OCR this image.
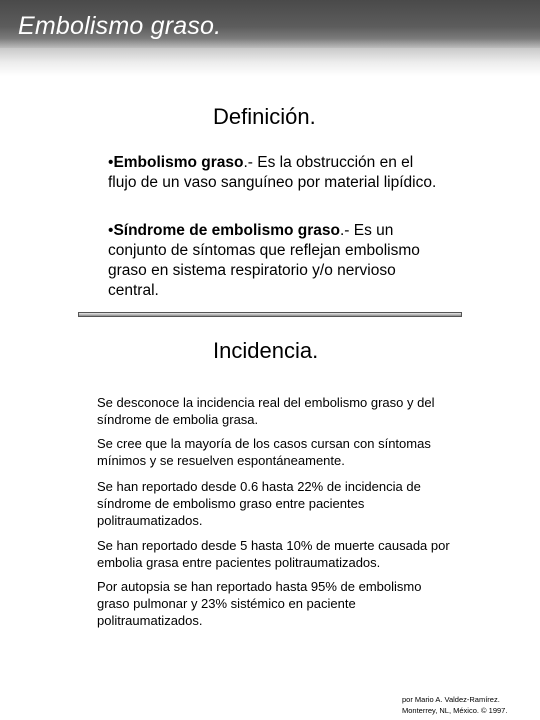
Embolismo graso.
Definición.
•Embolismo graso.- Es la obstrucción en el flujo de un vaso sanguíneo por material lipídico.
•Síndrome de embolismo graso.- Es un conjunto de síntomas que reflejan embolismo graso en sistema respiratorio y/o nervioso central.
Incidencia.
Se desconoce la incidencia real del embolismo graso y del síndrome de embolia grasa.
Se cree que la mayoría de los casos cursan con síntomas mínimos y se resuelven espontáneamente.
Se han reportado desde 0.6 hasta 22% de incidencia de síndrome de embolismo graso entre pacientes politraumatizados.
Se han reportado desde 5 hasta 10% de muerte causada por embolia grasa entre pacientes politraumatizados.
Por autopsia se han reportado hasta 95% de embolismo graso pulmonar y 23% sistémico en paciente politraumatizados.
por Mario A. Valdez-Ramírez.
Monterrey, NL, México. © 1997.
